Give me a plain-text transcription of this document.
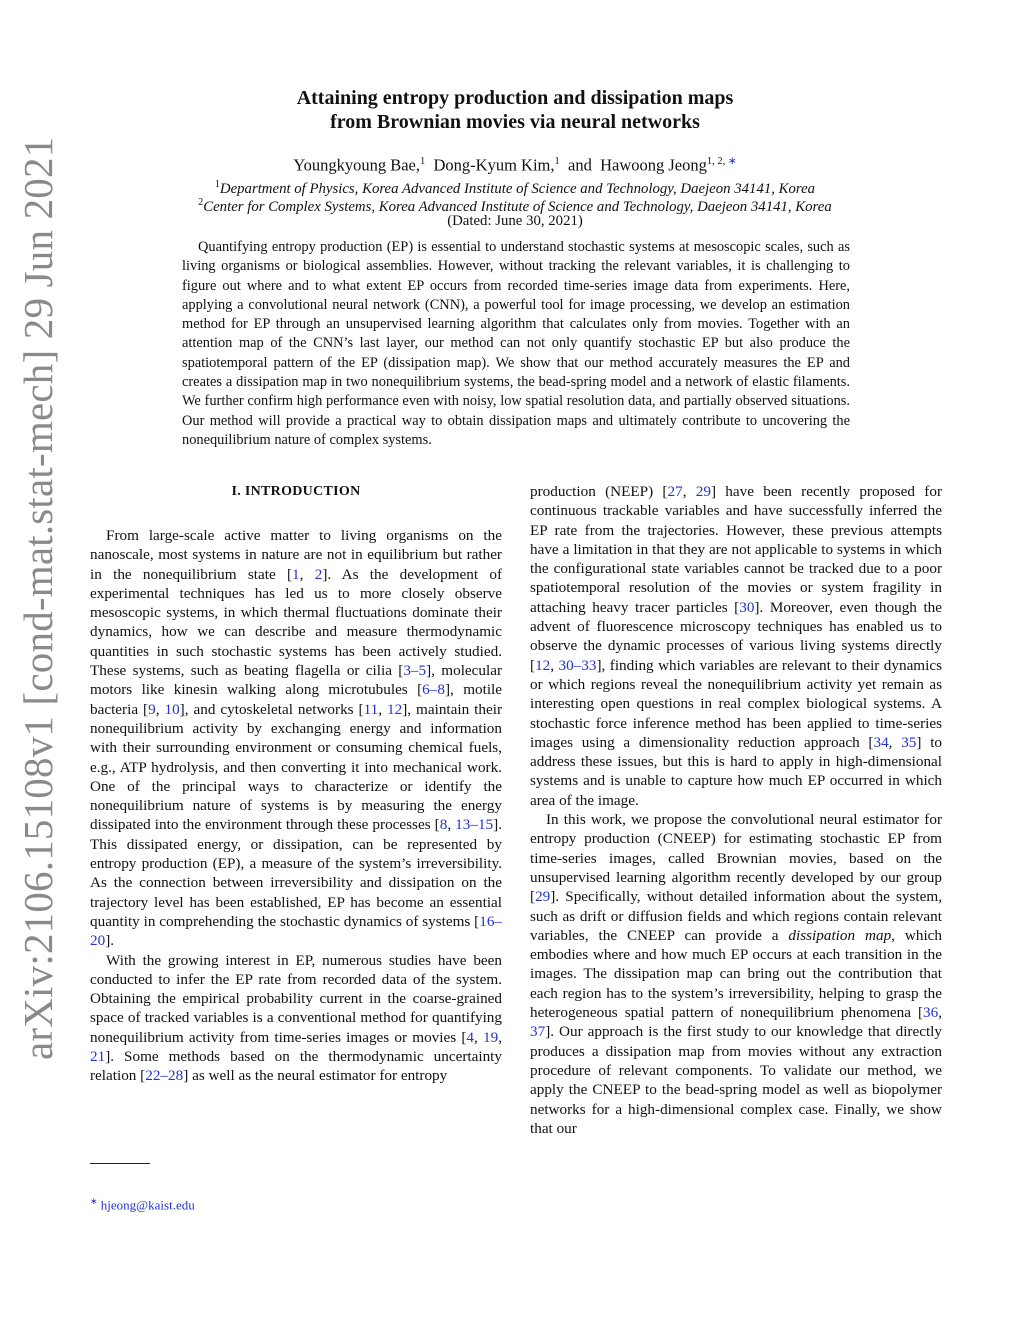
arXiv:2106.15108v1 [cond-mat.stat-mech] 29 Jun 2021
Attaining entropy production and dissipation maps
from Brownian movies via neural networks
Youngkyoung Bae,$^1$ Dong-Kyum Kim,$^1$ and Hawoong Jeong$^{1, 2, ∗}$
$^1$Department of Physics, Korea Advanced Institute of Science and Technology, Daejeon 34141, Korea
$^2$Center for Complex Systems, Korea Advanced Institute of Science and Technology, Daejeon 34141, Korea
(Dated: June 30, 2021)

Quantifying entropy production (EP) is essential to understand stochastic systems at mesoscopic scales, such as living organisms or biological assemblies. However, without tracking the relevant variables, it is challenging to figure out where and to what extent EP occurs from recorded time-series image data from experiments. Here, applying a convolutional neural network (CNN), a powerful tool for image processing, we develop an estimation method for EP through an unsupervised learning algorithm that calculates only from movies. Together with an attention map of the CNN’s last layer, our method can not only quantify stochastic EP but also produce the spatiotemporal pattern of the EP (dissipation map). We show that our method accurately measures the EP and creates a dissipation map in two nonequilibrium systems, the bead-spring model and a network of elastic filaments. We further confirm high performance even with noisy, low spatial resolution data, and partially observed situations. Our method will provide a practical way to obtain dissipation maps and ultimately contribute to uncovering the nonequilibrium nature of complex systems.

I. INTRODUCTION

From large-scale active matter to living organisms on the nanoscale, most systems in nature are not in equilibrium but rather in the nonequilibrium state [1, 2]. As the development of experimental techniques has led us to more closely observe mesoscopic systems, in which thermal fluctuations dominate their dynamics, how we can describe and measure thermodynamic quantities in such stochastic systems has been actively studied. These systems, such as beating flagella or cilia [3–5], molecular motors like kinesin walking along microtubules [6–8], motile bacteria [9, 10], and cytoskeletal networks [11, 12], maintain their nonequilibrium activity by exchanging energy and information with their surrounding environment or consuming chemical fuels, e.g., ATP hydrolysis, and then converting it into mechanical work. One of the principal ways to characterize or identify the nonequilibrium nature of systems is by measuring the energy dissipated into the environment through these processes [8, 13–15]. This dissipated energy, or dissipation, can be represented by entropy production (EP), a measure of the system’s irreversibility. As the connection between irreversibility and dissipation on the trajectory level has been established, EP has become an essential quantity in comprehending the stochastic dynamics of systems [16–20].

With the growing interest in EP, numerous studies have been conducted to infer the EP rate from recorded data of the system. Obtaining the empirical probability current in the coarse-grained space of tracked variables is a conventional method for quantifying nonequilibrium activity from time-series images or movies [4, 19, 21]. Some methods based on the thermodynamic uncertainty relation [22–28] as well as the neural estimator for entropy

production (NEEP) [27, 29] have been recently proposed for continuous trackable variables and have successfully inferred the EP rate from the trajectories. However, these previous attempts have a limitation in that they are not applicable to systems in which the configurational state variables cannot be tracked due to a poor spatiotemporal resolution of the movies or system fragility in attaching heavy tracer particles [30]. Moreover, even though the advent of fluorescence microscopy techniques has enabled us to observe the dynamic processes of various living systems directly [12, 30–33], finding which variables are relevant to their dynamics or which regions reveal the nonequilibrium activity yet remain as interesting open questions in real complex biological systems. A stochastic force inference method has been applied to time-series images using a dimensionality reduction approach [34, 35] to address these issues, but this is hard to apply in high-dimensional systems and is unable to capture how much EP occurred in which area of the image.

In this work, we propose the convolutional neural estimator for entropy production (CNEEP) for estimating stochastic EP from time-series images, called Brownian movies, based on the unsupervised learning algorithm recently developed by our group [29]. Specifically, without detailed information about the system, such as drift or diffusion fields and which regions contain relevant variables, the CNEEP can provide a dissipation map, which embodies where and how much EP occurs at each transition in the images. The dissipation map can bring out the contribution that each region has to the system’s irreversibility, helping to grasp the heterogeneous spatial pattern of nonequilibrium phenomena [36, 37]. Our approach is the first study to our knowledge that directly produces a dissipation map from movies without any extraction procedure of relevant components. To validate our method, we apply the CNEEP to the bead-spring model as well as biopolymer networks for a high-dimensional complex case. Finally, we show that our

∗ hjeong@kaist.edu
